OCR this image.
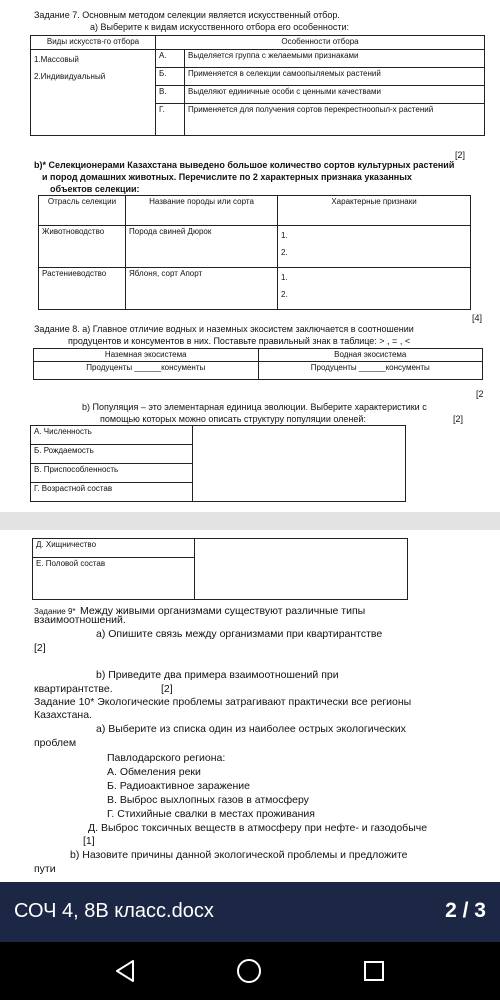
Задание 7. Основным методом селекции является искусственный отбор.
а) Выберите к видам искусственного отбора его особенности:
Виды искусств-го отбора	Особенности отбора	

1.Массовый
2.Индивидуальный	А.	Выделяется группа с желаемыми признаками
	Б.	Применяется в селекции самоопыляемых растений
	В.	Выделяют единичные особи с ценными качествами
	Г.	Применяется для получения сортов перекрестноопыл-х растений
[2]
b)* Селекционерами Казахстана выведено большое количество сортов культурных растений
и пород домашних животных. Перечислите по 2 характерных признака указанных
объектов селекции:
Отрасль селекции	Название породы или сорта	Характерные признаки
Животноводство	Порода свиней Дюрок	1.
2.

Растениеводство	Яблоня, сорт Апорт	1.
2.
[4]
Задание 8. а) Главное отличие водных и наземных экосистем заключается в соотношении
продуцентов и консументов в них. Поставьте правильный знак в таблице: > , = , <
Наземная экосистема	Водная экосистема
Продуценты ______консументы	Продуценты ______консументы
[2
b) Популяция – это элементарная единица эволюции. Выберите характеристики с
помощью которых можно описать структуру популяции оленей:	[2]
А. Численность	
Б. Рождаемость
В. Приспособленность
Г. Возрастной состав
Д. Хищничество	
Е. Половой состав
Задание 9* Между живыми организмами существуют различные типы
взаимоотношений.
а) Опишите связь между организмами при квартирантстве
[2]
b) Приведите два примера взаимоотношений при
квартирантстве.	[2]
Задание 10* Экологические проблемы затрагивают практически все регионы
Казахстана.
а) Выберите из списка один из наиболее острых экологических
проблем
Павлодарского региона:
А. Обмеления реки
Б. Радиоактивное заражение
В. Выброс выхлопных газов в атмосферу
Г. Стихийные свалки в местах проживания
Д. Выброс токсичных веществ в атмосферу при нефте- и газодобыче
[1]
b) Назовите причины данной экологической проблемы и предложите
пути
СОЧ 4, 8В класс.docx	2 / 3
